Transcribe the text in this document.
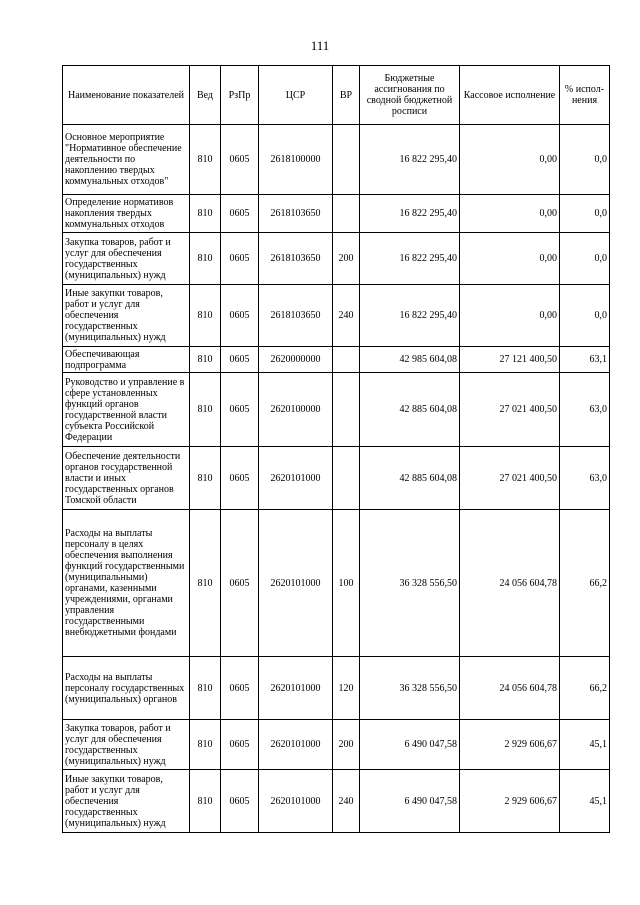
111
Наименование показателей	Вед	РзПр	ЦСР	ВР	Бюджетные ассигнования по сводной бюджетной росписи	Кассовое исполнение	% испол-нения
Основное мероприятие "Нормативное обеспечение деятельности по накоплению твердых коммунальных отходов"	810	0605	2618100000		16 822 295,40	0,00	0,0
Определение нормативов накопления твердых коммунальных отходов	810	0605	2618103650		16 822 295,40	0,00	0,0
Закупка товаров, работ и услуг для обеспечения государственных (муниципальных) нужд	810	0605	2618103650	200	16 822 295,40	0,00	0,0
Иные закупки товаров, работ и услуг для обеспечения государственных (муниципальных) нужд	810	0605	2618103650	240	16 822 295,40	0,00	0,0
Обеспечивающая подпрограмма	810	0605	2620000000		42 985 604,08	27 121 400,50	63,1
Руководство и управление в сфере установленных функций органов государственной власти субъекта Российской Федерации	810	0605	2620100000		42 885 604,08	27 021 400,50	63,0
Обеспечение деятельности органов государственной власти и иных государственных органов Томской области	810	0605	2620101000		42 885 604,08	27 021 400,50	63,0
Расходы на выплаты персоналу в целях обеспечения выполнения функций государственными (муниципальными) органами, казенными учреждениями, органами управления государственными внебюджетными фондами	810	0605	2620101000	100	36 328 556,50	24 056 604,78	66,2
Расходы на выплаты персоналу государственных (муниципальных) органов	810	0605	2620101000	120	36 328 556,50	24 056 604,78	66,2
Закупка товаров, работ и услуг для обеспечения государственных (муниципальных) нужд	810	0605	2620101000	200	6 490 047,58	2 929 606,67	45,1
Иные закупки товаров, работ и услуг для обеспечения государственных (муниципальных) нужд	810	0605	2620101000	240	6 490 047,58	2 929 606,67	45,1
